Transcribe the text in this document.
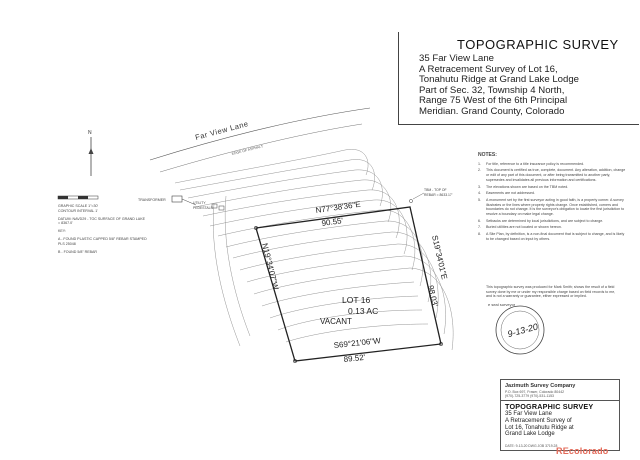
N	Far View Lane
EDGE OF ASPHALT
N77°38'36"E
90.55'
S19°34'01"E
98.03'
S69°21'06"W
89.52'
N19°34'07"W
LOT 16
0.13 AC
VACANT
TRANSFORMER
UTILITY
PEDESTALS
TBM - TOP OF
REBAR = 8633.17'
9-13-20
TOPOGRAPHIC SURVEY
35 Far View Lane
A Retracement Survey of Lot 16,
Tonahutu Ridge at Grand Lake Lodge
Part of Sec. 32, Township 4 North,
Range 75 West of the 6th Principal
Meridian. Grand County, Colorado
GRAPHIC SCALE 1"=30'
CONTOUR INTERVAL 1'
DATUM: NAVD29 - TOC SURFACE OF GRAND LAKE = 8367.0'
KEY:
A - FOUND PLASTIC CAPPED 5/8" REBAR STAMPED PLS 25048
B - FOUND 5/8" REBAR
NOTES:
1.	For title, reference to a title insurance policy is recommended.
2.	This document is certified as true, complete, document. Any alteration, addition, change or edit of any part of this document, or after being transmitted to another party, supersedes and invalidates all previous information and certifications.
3.	The elevations shown are based on the TBM noted.
4.	Easements are not addressed.
5.	A monument set by the first surveyor acting in good faith, is a property corner. A survey illustrates or the lines where property rights change. Once established, corners and boundaries do not change. It is the surveyor's obligation to locate the first jurisdiction to resolve a boundary on make legal change.
6.	Setbacks are determined by local jurisdictions, and are subject to change.
7.	Buried utilities are not located or shown hereon.
8.	A Site Plan, by definition, is a non-final document that is subject to change, and is likely to be changed based on input by others.
This topographic survey was produced for Mark Smith; shows the result of a field survey done by me or under my responsible charge based on field records to me, and is not a warranty or guarantee, either expressed or implied.
e seal surveyor
Jazimuth Survey Company
P.O. Box 697, Fraser, Colorado 80442
(970)-725-3779 (970)-531-1153
TOPOGRAPHIC SURVEY
35 Far View Lane
A Retracement Survey of
Lot 16, Tonahutu Ridge at
Grand Lake Lodge
DATE: 9-13-20 DWG JOB 3719.28
REcolorado
